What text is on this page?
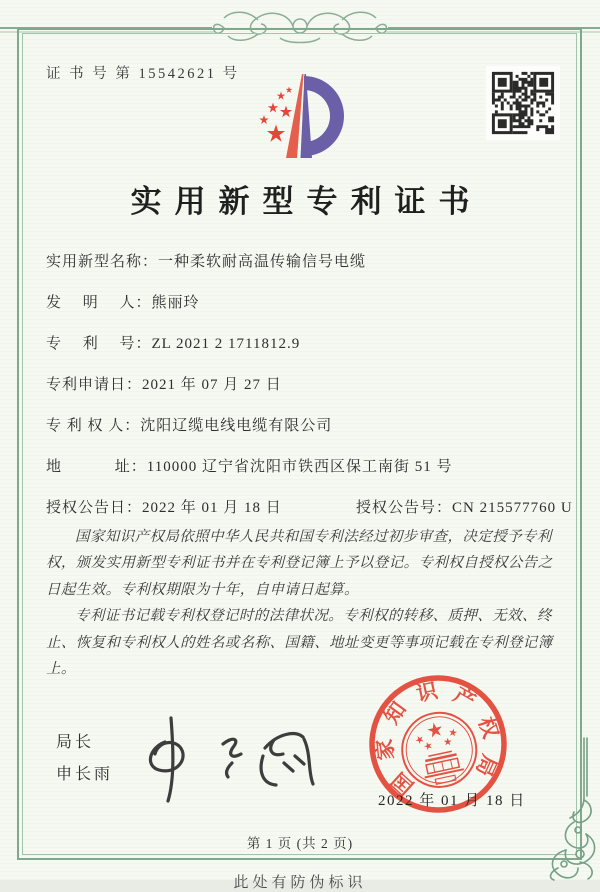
证 书 号 第 15542621 号
实用新型专利证书
实用新型名称：一种柔软耐高温传输信号电缆
发　 明　 人：熊丽玲
专　 利　 号：ZL 2021 2 1711812.9
专利申请日：2021 年 07 月 27 日
专 利 权 人：沈阳辽缆电线电缆有限公司
地　　　 址：110000 辽宁省沈阳市铁西区保工南街 51 号
授权公告日：2022 年 01 月 18 日	授权公告号：CN 215577760 U

国家知识产权局依照中华人民共和国专利法经过初步审查，决定授予专利权，颁发实用新型专利证书并在专利登记簿上予以登记。专利权自授权公告之日起生效。专利权期限为十年，自申请日起算。

专利证书记载专利权登记时的法律状况。专利权的转移、质押、无效、终止、恢复和专利权人的姓名或名称、国籍、地址变更等事项记载在专利登记簿上。

局长
申长雨	国
家
知
识 产
权
局
2022 年 01 月 18 日
第 1 页 (共 2 页)
此处有防伪标识
